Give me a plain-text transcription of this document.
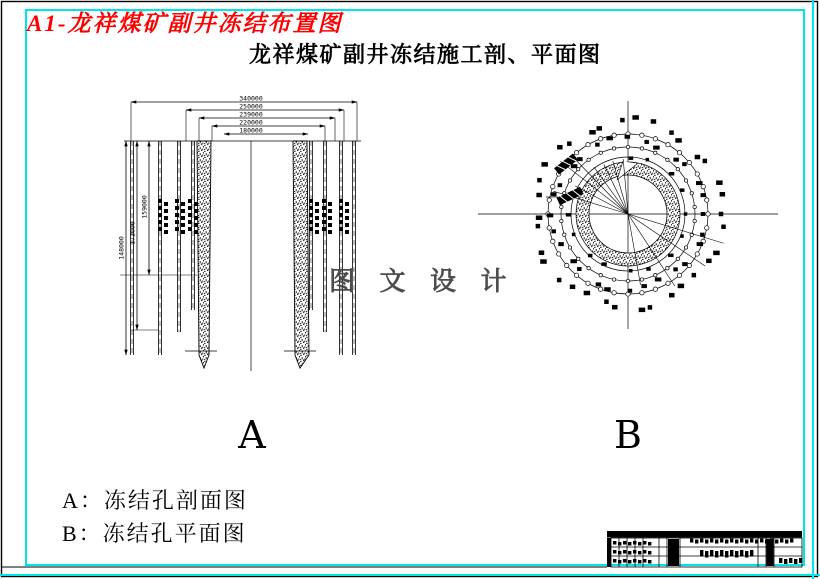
340000
250000
239000
220000
180000
148000
172000
159000
A1-龙祥煤矿副井冻结布置图
龙祥煤矿副井冻结施工剖、平面图
图 文 设 计
A	B
A：冻结孔剖面图
B：冻结孔平面图
